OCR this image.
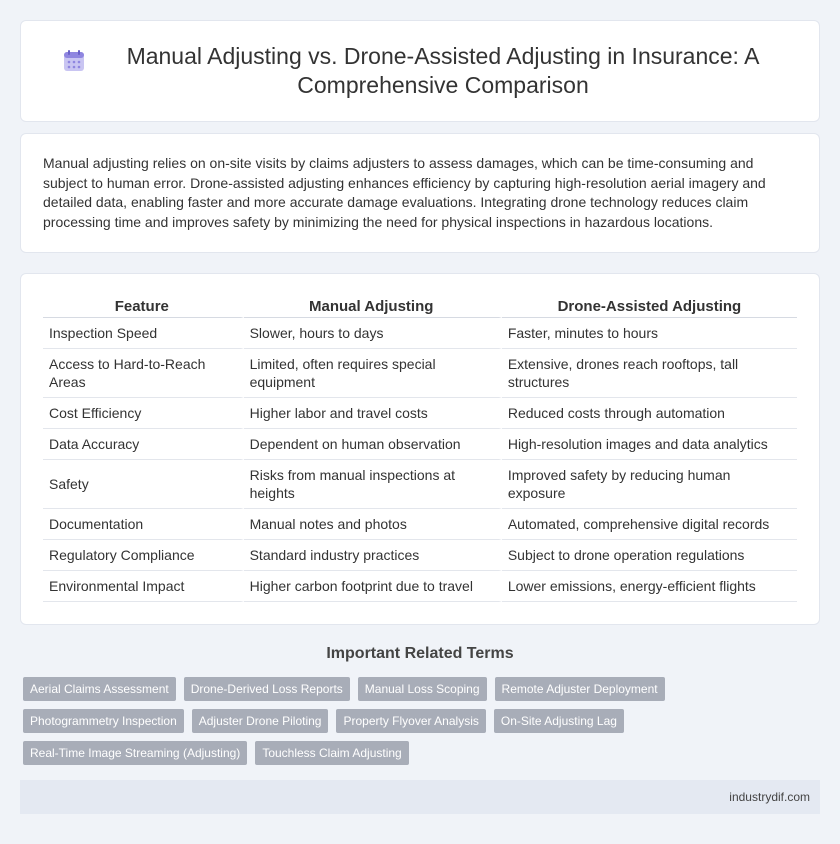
Manual Adjusting vs. Drone-Assisted Adjusting in Insurance: A Comprehensive Comparison

Manual adjusting relies on on-site visits by claims adjusters to assess damages, which can be time-consuming and subject to human error. Drone-assisted adjusting enhances efficiency by capturing high-resolution aerial imagery and detailed data, enabling faster and more accurate damage evaluations. Integrating drone technology reduces claim processing time and improves safety by minimizing the need for physical inspections in hazardous locations.

Feature	Manual Adjusting	Drone-Assisted Adjusting
Inspection Speed	Slower, hours to days	Faster, minutes to hours
Access to Hard-to-Reach Areas	Limited, often requires special equipment	Extensive, drones reach rooftops, tall structures
Cost Efficiency	Higher labor and travel costs	Reduced costs through automation
Data Accuracy	Dependent on human observation	High-resolution images and data analytics
Safety	Risks from manual inspections at heights	Improved safety by reducing human exposure
Documentation	Manual notes and photos	Automated, comprehensive digital records
Regulatory Compliance	Standard industry practices	Subject to drone operation regulations
Environmental Impact	Higher carbon footprint due to travel	Lower emissions, energy-efficient flights
Important Related Terms
Aerial Claims Assessment	Drone-Derived Loss Reports	Manual Loss Scoping	Remote Adjuster Deployment
Photogrammetry Inspection	Adjuster Drone Piloting	Property Flyover Analysis	On-Site Adjusting Lag
Real-Time Image Streaming (Adjusting)	Touchless Claim Adjusting
industrydif.com
